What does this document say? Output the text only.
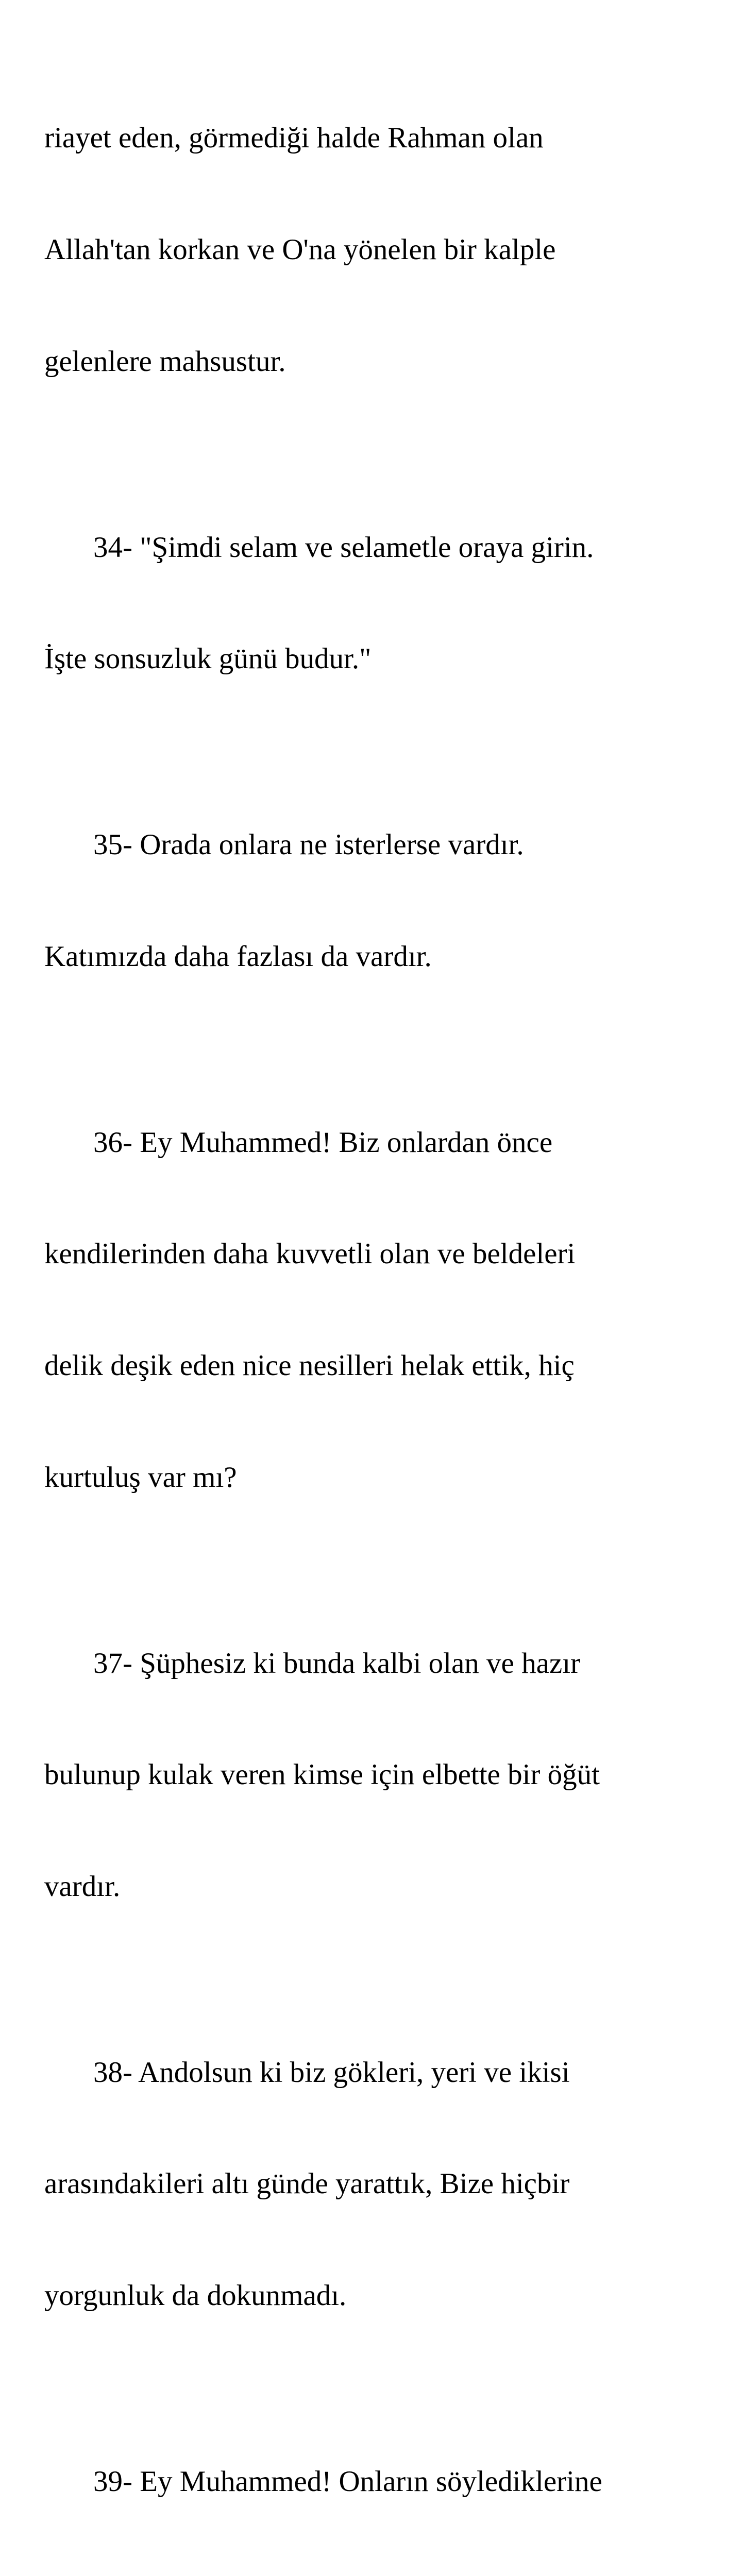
riayet eden, görmediği halde Rahman olan

Allah'tan korkan ve O'na yönelen bir kalple

gelenlere mahsustur.

34- "Şimdi selam ve selametle oraya girin.

İşte sonsuzluk günü budur."

35- Orada onlara ne isterlerse vardır.

Katımızda daha fazlası da vardır.

36- Ey Muhammed! Biz onlardan önce

kendilerinden daha kuvvetli olan ve beldeleri

delik deşik eden nice nesilleri helak ettik, hiç

kurtuluş var mı?

37- Şüphesiz ki bunda kalbi olan ve hazır

bulunup kulak veren kimse için elbette bir öğüt

vardır.

38- Andolsun ki biz gökleri, yeri ve ikisi

arasındakileri altı günde yarattık, Bize hiçbir

yorgunluk da dokunmadı.

39- Ey Muhammed! Onların söylediklerine
